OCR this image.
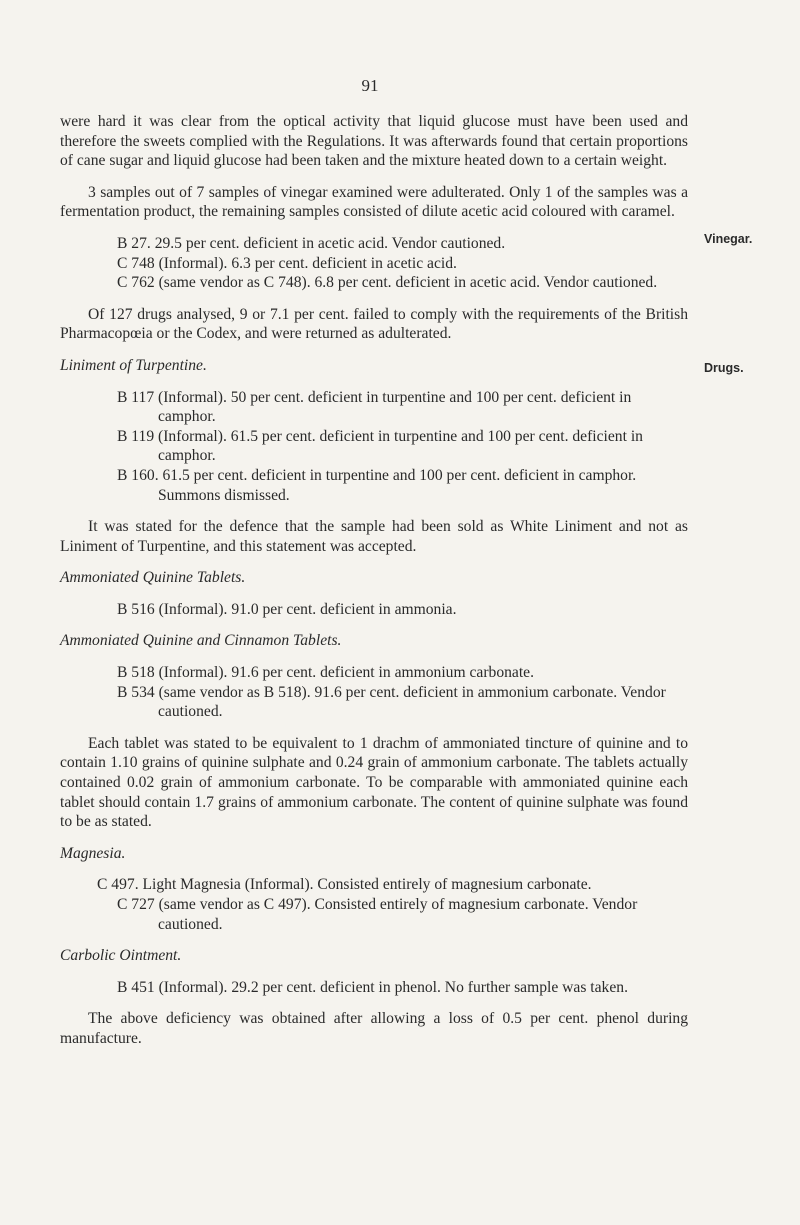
91
Vinegar.
Drugs.

were hard it was clear from the optical activity that liquid glucose must have been used and therefore the sweets complied with the Regulations. It was afterwards found that certain proportions of cane sugar and liquid glucose had been taken and the mixture heated down to a certain weight.

3 samples out of 7 samples of vinegar examined were adulterated. Only 1 of the samples was a fermentation product, the remaining samples consisted of dilute acetic acid coloured with caramel.

B 27. 29.5 per cent. deficient in acetic acid. Vendor cautioned.

C 748 (Informal). 6.3 per cent. deficient in acetic acid.

C 762 (same vendor as C 748). 6.8 per cent. deficient in acetic acid. Vendor cautioned.

Of 127 drugs analysed, 9 or 7.1 per cent. failed to comply with the requirements of the British Pharmacopœia or the Codex, and were returned as adulterated.

Liniment of Turpentine.

B 117 (Informal). 50 per cent. deficient in turpentine and 100 per cent. deficient in camphor.

B 119 (Informal). 61.5 per cent. deficient in turpentine and 100 per cent. deficient in camphor.

B 160. 61.5 per cent. deficient in turpentine and 100 per cent. deficient in camphor. Summons dismissed.

It was stated for the defence that the sample had been sold as White Liniment and not as Liniment of Turpentine, and this statement was accepted.

Ammoniated Quinine Tablets.

B 516 (Informal). 91.0 per cent. deficient in ammonia.

Ammoniated Quinine and Cinnamon Tablets.

B 518 (Informal). 91.6 per cent. deficient in ammonium carbonate.

B 534 (same vendor as B 518). 91.6 per cent. deficient in ammonium carbonate. Vendor cautioned.

Each tablet was stated to be equivalent to 1 drachm of ammoniated tincture of quinine and to contain 1.10 grains of quinine sulphate and 0.24 grain of ammonium carbonate. The tablets actually contained 0.02 grain of ammonium carbonate. To be comparable with ammoniated quinine each tablet should contain 1.7 grains of ammonium carbonate. The content of quinine sulphate was found to be as stated.

Magnesia.

C 497. Light Magnesia (Informal). Consisted entirely of magnesium carbonate.

C 727 (same vendor as C 497). Consisted entirely of magnesium carbonate. Vendor cautioned.

Carbolic Ointment.

B 451 (Informal). 29.2 per cent. deficient in phenol. No further sample was taken.

The above deficiency was obtained after allowing a loss of 0.5 per cent. phenol during manufacture.
